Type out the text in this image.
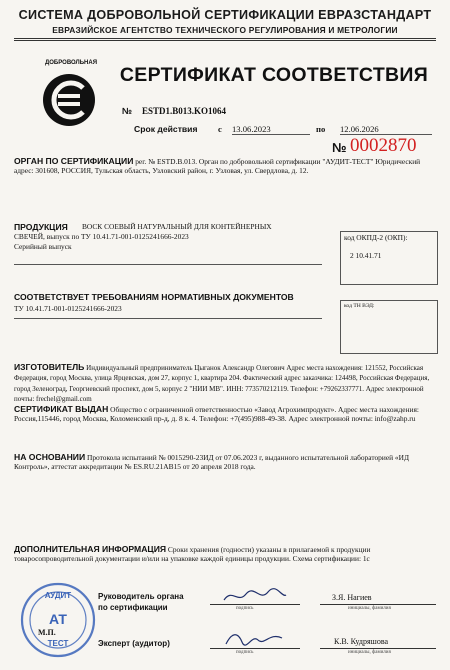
СИСТЕМА ДОБРОВОЛЬНОЙ СЕРТИФИКАЦИИ ЕВРАЗСТАНДАРТ
ЕВРАЗИЙСКОЕ АГЕНТСТВО ТЕХНИЧЕСКОГО РЕГУЛИРОВАНИЯ И МЕТРОЛОГИИ
ДОБРОВОЛЬНАЯ
СЕРТИФИКАТ СООТВЕТСТВИЯ
№ ESTD1.B013.KO1064
Срок действия с 13.06.2023	по 12.06.2026
№ 0002870
ОРГАН ПО СЕРТИФИКАЦИИ рег. № ESTD.B.013. Орган по добровольной сертификации "АУДИТ-ТЕСТ" Юридический адрес: 301608, РОССИЯ, Тульская область, Узловский район, г. Узловая, ул. Свердлова, д. 12.
ПРОДУКЦИЯ ВОСК СОЕВЫЙ НАТУРАЛЬНЫЙ ДЛЯ КОНТЕЙНЕРНЫХ
СВЕЧЕЙ, выпуск по ТУ 10.41.71-001-0125241666-2023
Серийный выпуск
код ОКПД-2 (ОКП):
2 10.41.71
СООТВЕТСТВУЕТ ТРЕБОВАНИЯМ НОРМАТИВНЫХ ДОКУМЕНТОВ
ТУ 10.41.71-001-0125241666-2023	код ТН ВЭД:
ИЗГОТОВИТЕЛЬ Индивидуальный предприниматель Цыганок Александр Олегович Адрес места нахождения: 121552, Российская Федерация, город Москва, улица Ярцевская, дом 27, корпус 1, квартира 204. Фактический адрес заказчика: 124498, Российская Федерация, город Зеленоград, Георгиевский проспект, дом 5, корпус 2 "НИИ МВ". ИНН: 773570212119. Телефон: +79262337771. Адрес электронной почты: frechel@gmail.com
СЕРТИФИКАТ ВЫДАН Общество с ограниченной ответственностью «Завод Агрохимпродукт». Адрес места нахождения: Россия,115446, город Москва, Коломенский пр-д, д. 8 к. 4. Телефон: +7(495)988-49-38. Адрес электронной почты: info@zahp.ru
НА ОСНОВАНИИ Протокола испытаний № 0015290-23ИД от 07.06.2023 г, выданного испытательной лабораторией «ИД Контроль», аттестат аккредитации № ES.RU.21AB15 от 20 апреля 2018 года.
ДОПОЛНИТЕЛЬНАЯ ИНФОРМАЦИЯ Сроки хранения (годности) указаны в прилагаемой к продукции товаросопроводительной документации и/или на упаковке каждой единицы продукции. Схема сертификации: 1с
АУДИТ
АТ
ТЕСТ
М.П.
Руководитель органа
по сертификации	подпись
З.Я. Нагиев
инициалы, фамилия
Эксперт (аудитор)
подпись
К.В. Кудряшова
инициалы, фамилия
